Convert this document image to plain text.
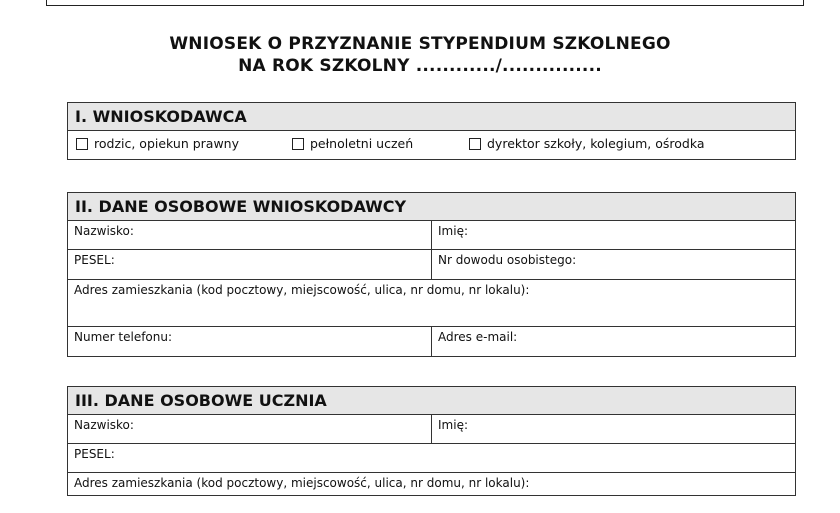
WNIOSEK O PRZYZNANIE STYPENDIUM SZKOLNEGO
NA ROK SZKOLNY ............/...............
I. WNIOSKODAWCA
rodzic, opiekun prawny	pełnoletni uczeń	dyrektor szkoły, kolegium, ośrodka
II. DANE OSOBOWE WNIOSKODAWCY
Nazwisko:	Imię:
PESEL:	Nr dowodu osobistego:
Adres zamieszkania (kod pocztowy, miejscowość, ulica, nr domu, nr lokalu):
Numer telefonu:	Adres e-mail:
III. DANE OSOBOWE UCZNIA
Nazwisko:	Imię:
PESEL:
Adres zamieszkania (kod pocztowy, miejscowość, ulica, nr domu, nr lokalu):
